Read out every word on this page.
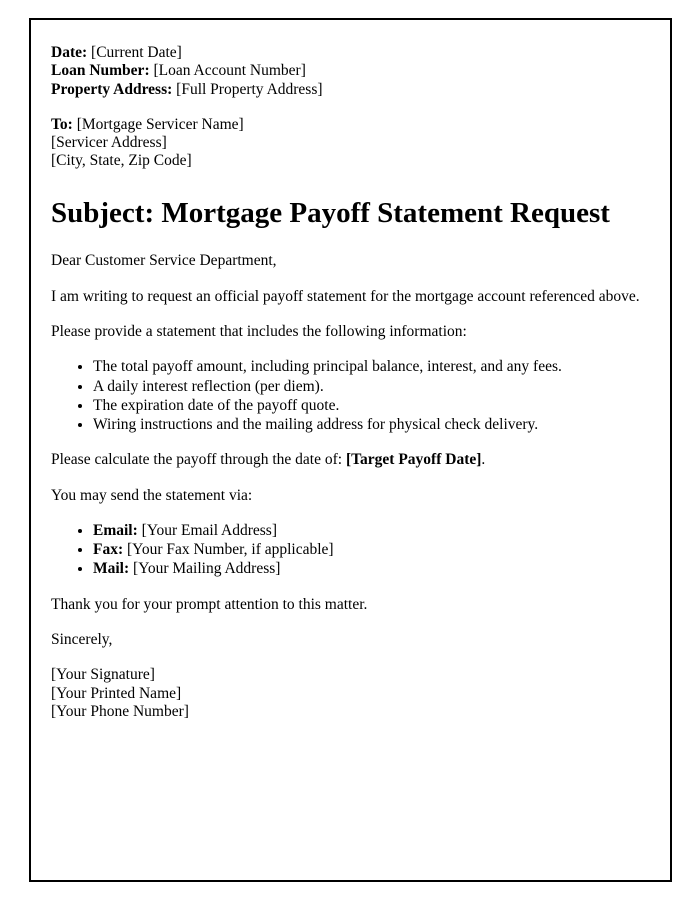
Date: [Current Date]
Loan Number: [Loan Account Number]
Property Address: [Full Property Address]
To: [Mortgage Servicer Name]
[Servicer Address]
[City, State, Zip Code]
Subject: Mortgage Payoff Statement Request

Dear Customer Service Department,

I am writing to request an official payoff statement for the mortgage account referenced above.

Please provide a statement that includes the following information:

• The total payoff amount, including principal balance, interest, and any fees.
• A daily interest reflection (per diem).
• The expiration date of the payoff quote.
• Wiring instructions and the mailing address for physical check delivery.

Please calculate the payoff through the date of: [Target Payoff Date].

You may send the statement via:

• Email: [Your Email Address]
• Fax: [Your Fax Number, if applicable]
• Mail: [Your Mailing Address]

Thank you for your prompt attention to this matter.

Sincerely,

[Your Signature]
[Your Printed Name]
[Your Phone Number]
